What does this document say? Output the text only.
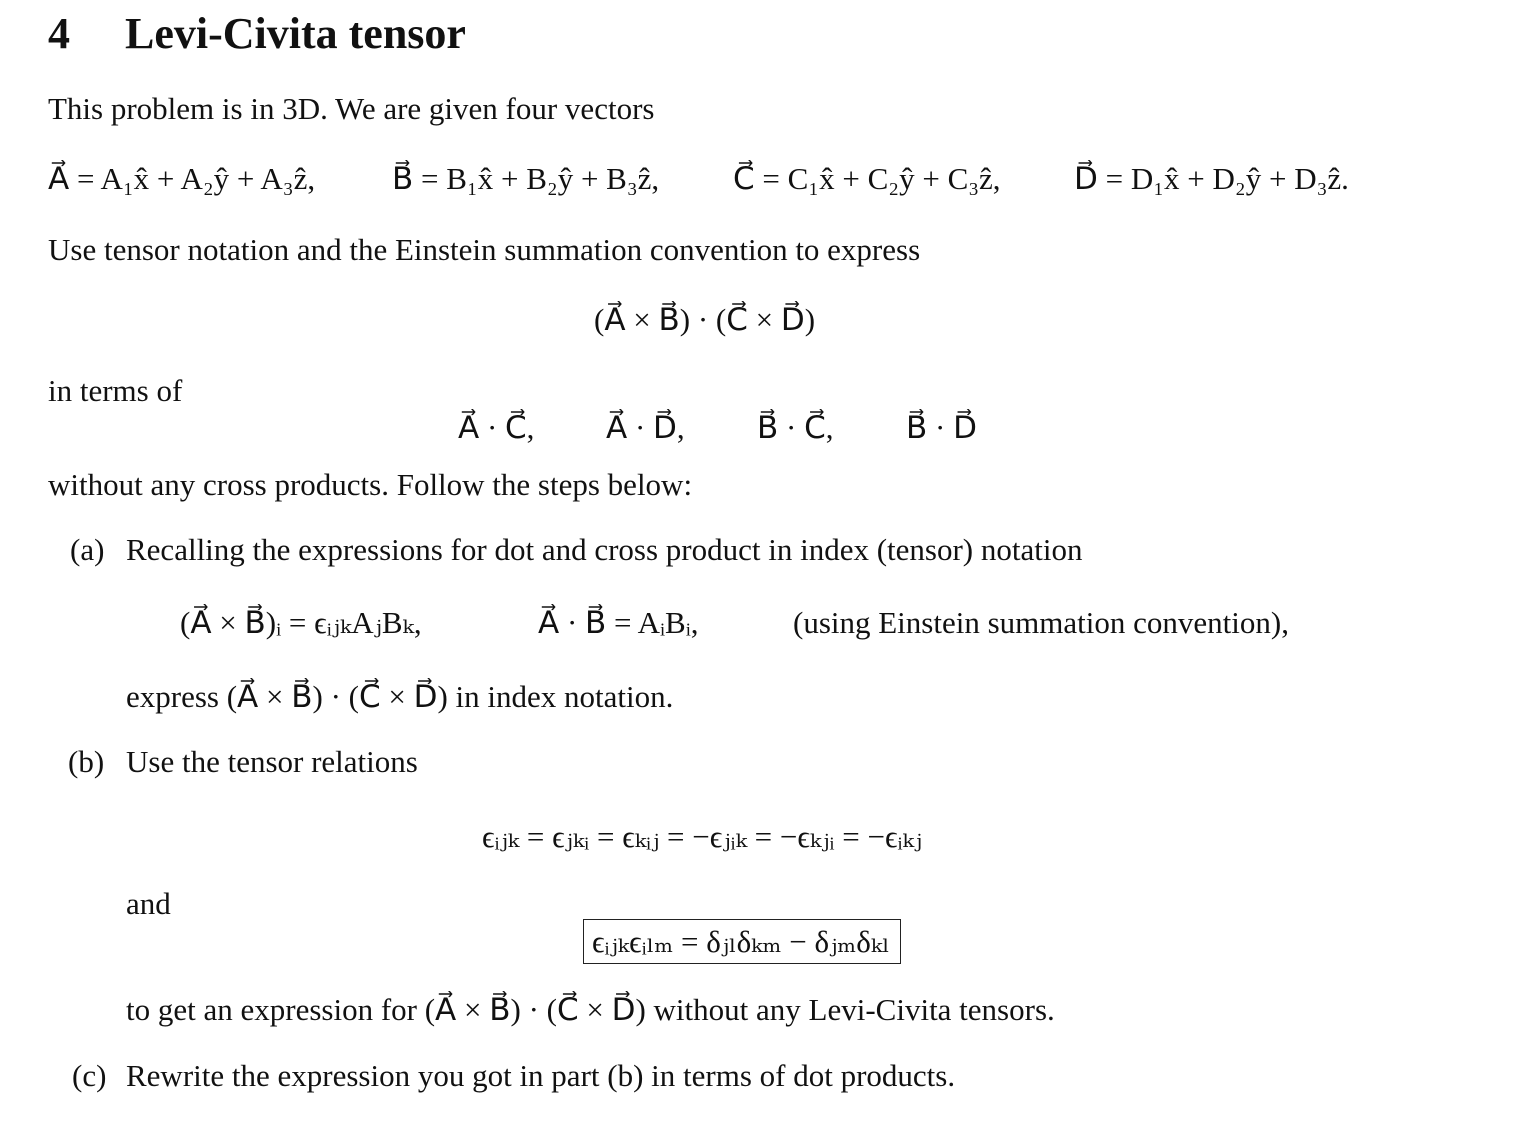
4 Levi-Civita tensor
This problem is in 3D. We are given four vectors
A⃗ = A₁x̂ + A₂ŷ + A₃ẑ, B⃗ = B₁x̂ + B₂ŷ + B₃ẑ, C⃗ = C₁x̂ + C₂ŷ + C₃ẑ, D⃗ = D₁x̂ + D₂ŷ + D₃ẑ.
Use tensor notation and the Einstein summation convention to express
(A⃗ × B⃗) · (C⃗ × D⃗)
in terms of
A⃗ · C⃗, A⃗ · D⃗, B⃗ · C⃗, B⃗ · D⃗
without any cross products. Follow the steps below:
(a) Recalling the expressions for dot and cross product in index (tensor) notation
(A⃗ × B⃗)ᵢ = ϵᵢⱼₖAⱼBₖ,	A⃗ · B⃗ = AᵢBᵢ,	(using Einstein summation convention),
express (A⃗ × B⃗) · (C⃗ × D⃗) in index notation.
(b) Use the tensor relations
ϵᵢⱼₖ = ϵⱼₖᵢ = ϵₖᵢⱼ = −ϵⱼᵢₖ = −ϵₖⱼᵢ = −ϵᵢₖⱼ
and
ϵᵢⱼₖϵᵢₗₘ = δⱼₗδₖₘ − δⱼₘδₖₗ
to get an expression for (A⃗ × B⃗) · (C⃗ × D⃗) without any Levi-Civita tensors.
(c) Rewrite the expression you got in part (b) in terms of dot products.
